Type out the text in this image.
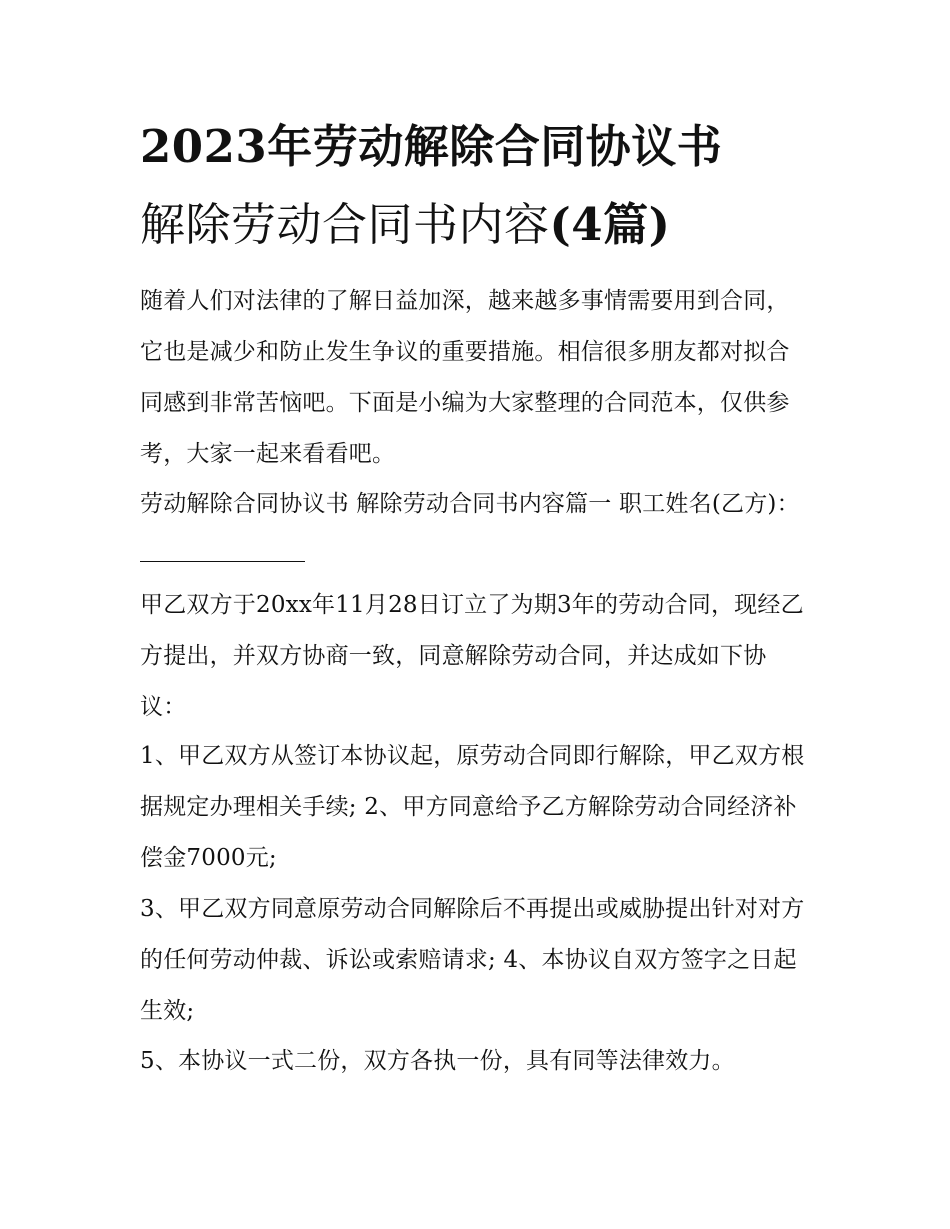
2023年劳动解除合同协议书
解除劳动合同书内容(4篇)
随着人们对法律的了解日益加深，越来越多事情需要用到合同，它也是减少和防止发生争议的重要措施。相信很多朋友都对拟合同感到非常苦恼吧。下面是小编为大家整理的合同范本，仅供参考，大家一起来看看吧。
劳动解除合同协议书 解除劳动合同书内容篇一 职工姓名(乙方)：
甲乙双方于20xx年11月28日订立了为期3年的劳动合同，现经乙方提出，并双方协商一致，同意解除劳动合同，并达成如下协议：
1、甲乙双方从签订本协议起，原劳动合同即行解除，甲乙双方根据规定办理相关手续; 2、甲方同意给予乙方解除劳动合同经济补偿金7000元;
3、甲乙双方同意原劳动合同解除后不再提出或威胁提出针对对方的任何劳动仲裁、诉讼或索赔请求; 4、本协议自双方签字之日起生效;
5、本协议一式二份，双方各执一份，具有同等法律效力。
